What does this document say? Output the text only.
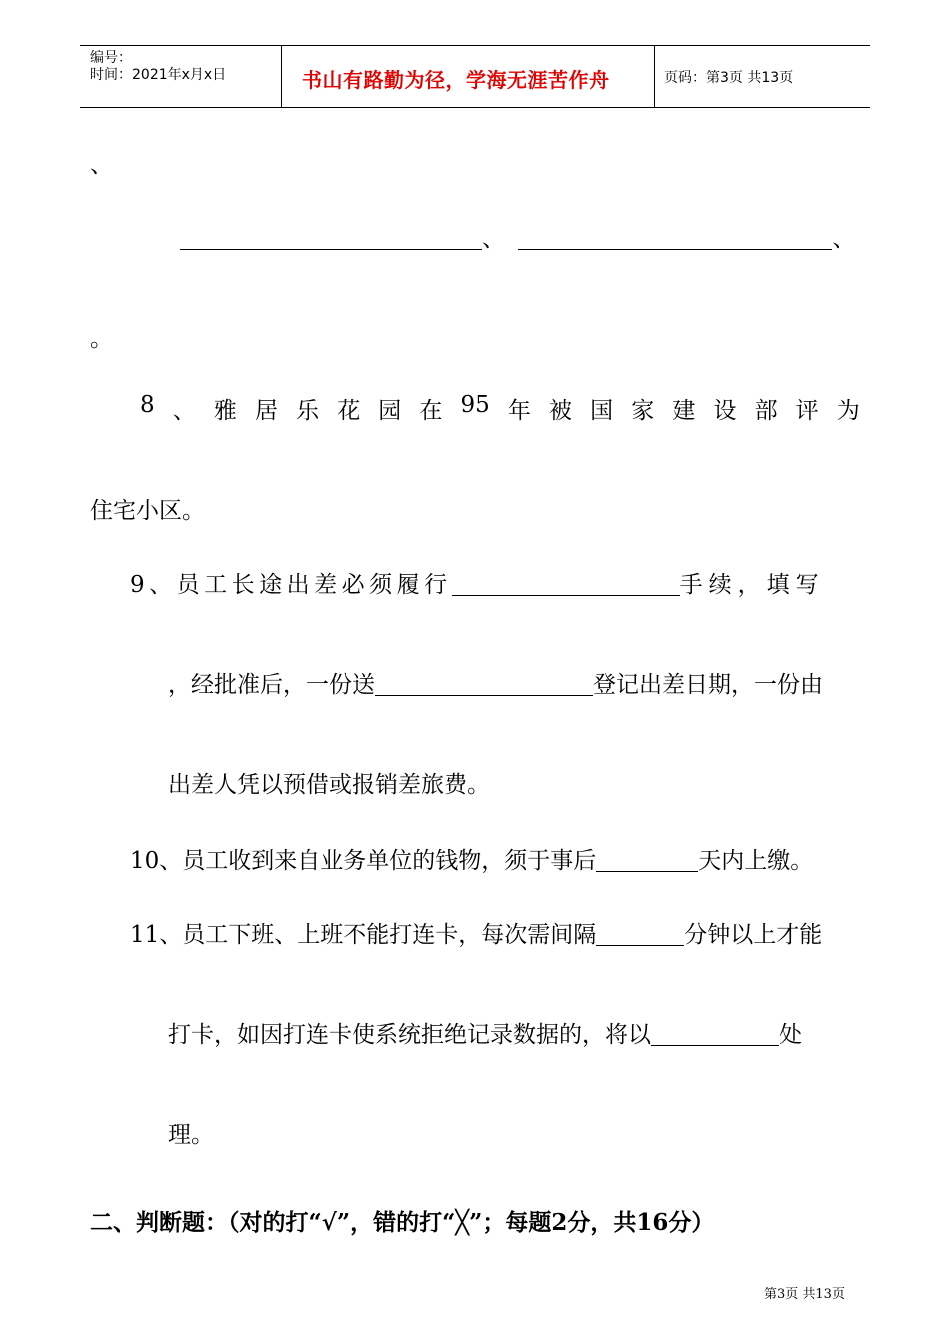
编号：
时间：2021年x月x日	书山有路勤为径，学海无涯苦作舟	页码：第3页 共13页
、
、	、
。
8 、 雅 居 乐 花 园 在 95 年 被 国 家 建 设 部 评 为
住宅小区。
9、员工长途出差必须履行	手续，填写
，经批准后，一份送	登记出差日期，一份由
出差人凭以预借或报销差旅费。
10、员工收到来自业务单位的钱物，须于事后	天内上缴。
11、员工下班、上班不能打连卡，每次需间隔	分钟以上才能
打卡，如因打连卡使系统拒绝记录数据的，将以	处
理。
二、判断题：（对的打“√”，错的打“╳”；每题2分，共16分）
第3页 共13页
